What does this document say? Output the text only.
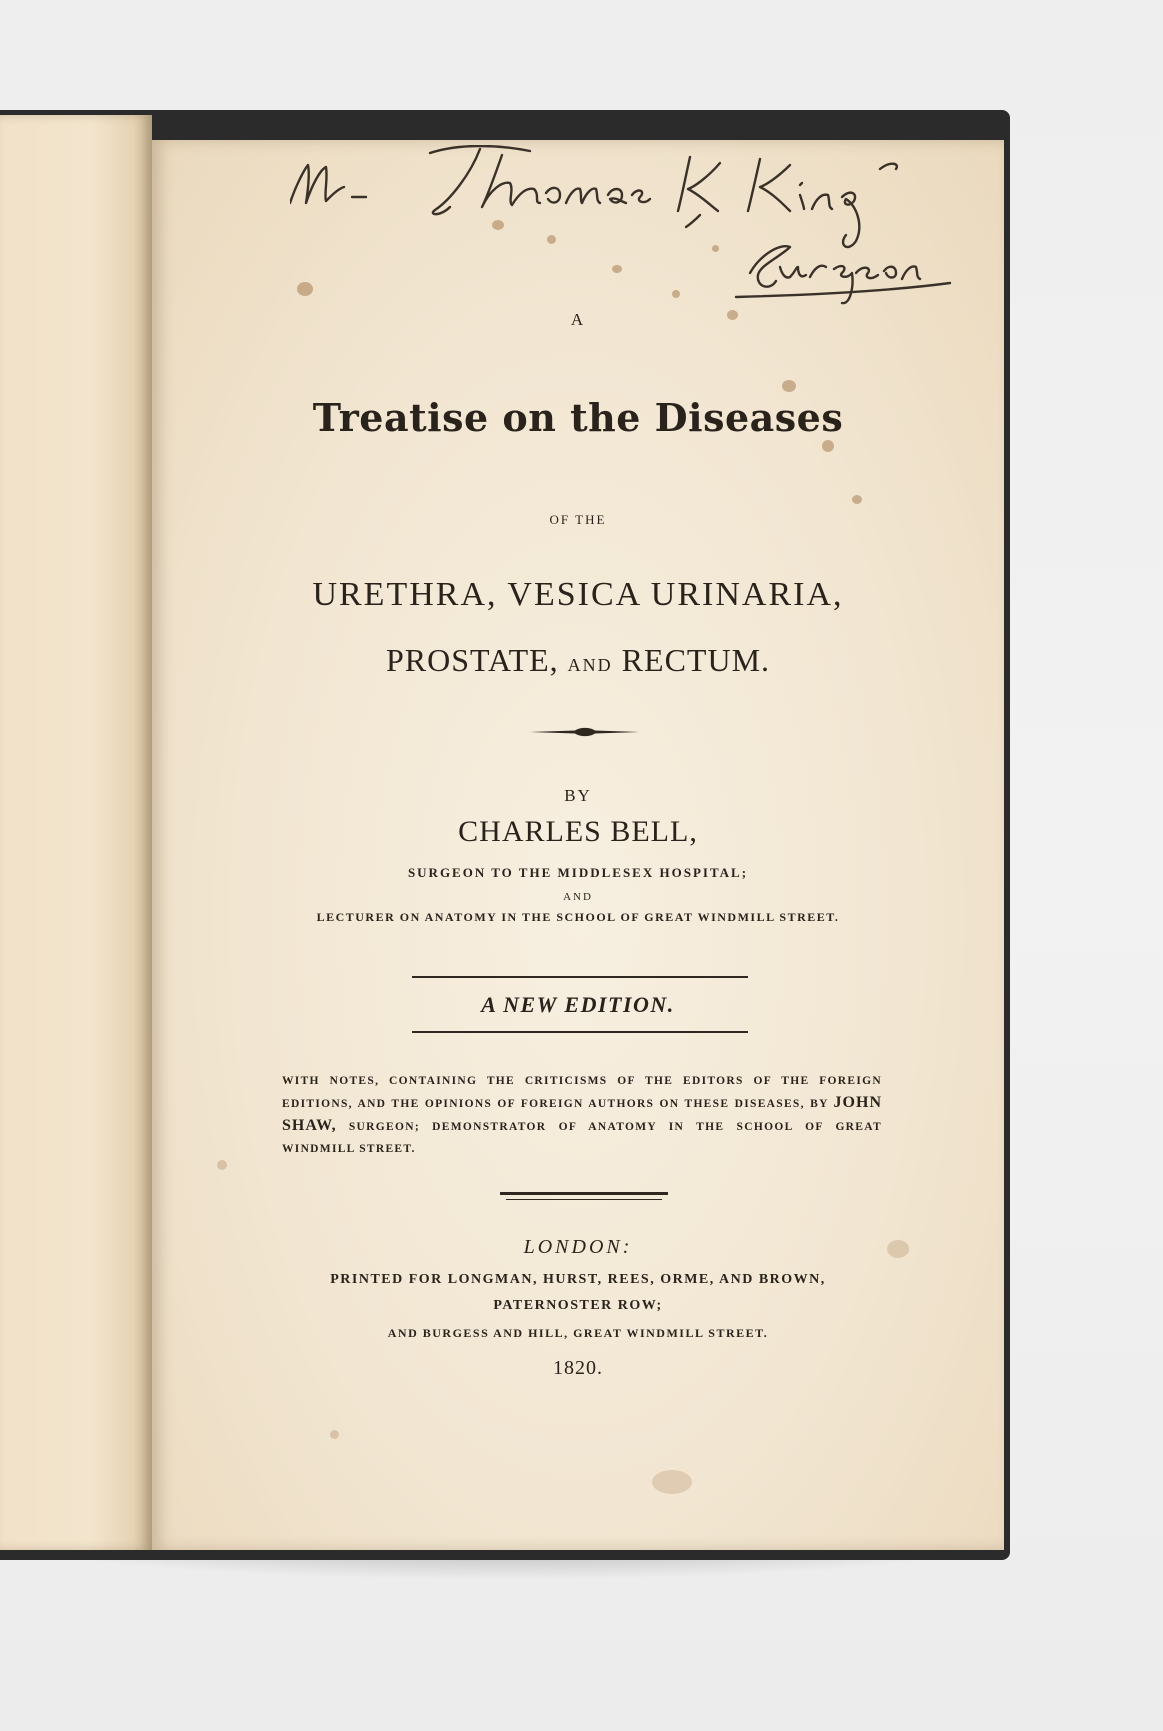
A
Treatise on the Diseases
OF THE
URETHRA, VESICA URINARIA,
PROSTATE, AND RECTUM.
BY
CHARLES BELL,
SURGEON TO THE MIDDLESEX HOSPITAL;
AND
LECTURER ON ANATOMY IN THE SCHOOL OF GREAT WINDMILL STREET.
A NEW EDITION.
WITH NOTES, CONTAINING THE CRITICISMS OF THE EDITORS OF THE FOREIGN EDITIONS, AND THE OPINIONS OF FOREIGN AUTHORS ON THESE DISEASES, BY JOHN SHAW, SURGEON; DEMONSTRATOR OF ANATOMY IN THE SCHOOL OF GREAT WINDMILL STREET.
LONDON:
PRINTED FOR LONGMAN, HURST, REES, ORME, AND BROWN,
PATERNOSTER ROW;
AND BURGESS AND HILL, GREAT WINDMILL STREET.
1820.
